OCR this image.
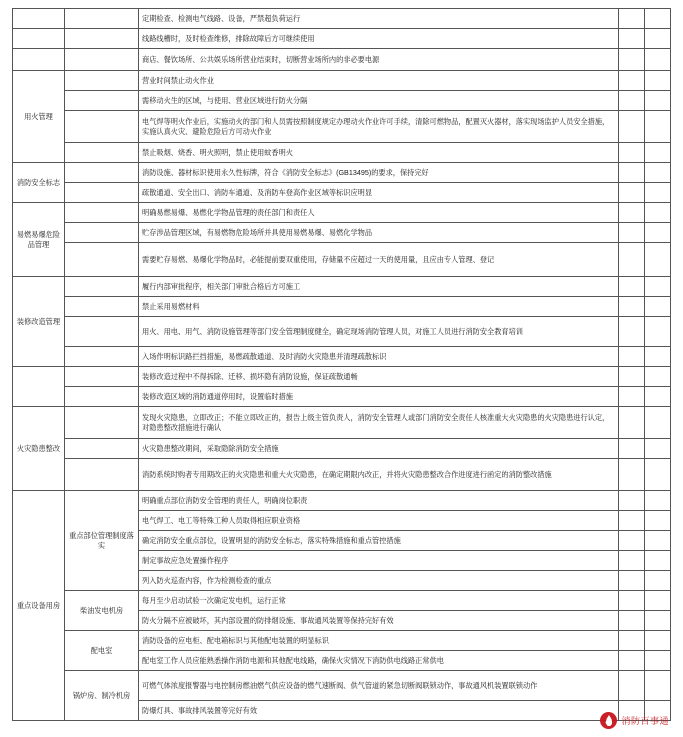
		定期检查、检测电气线路、设备，严禁超负荷运行		
		线路线槽时，及时检查维修，排除故障后方可继续使用		
		商店、餐饮场所、公共娱乐场所营业结束时，切断营业场所内的非必要电源		
用火管理		营业时间禁止动火作业		
		需移动火生的区域，与使用、营业区域进行防火分隔		
		电气焊等明火作业后，实施动火的部门和人员需按照制度规定办理动火作业许可手续，清除可燃物品，配置灭火器材，落实现场监护人员安全措施，实施认真火灾、避险危险后方可动火作业		
		禁止吸烟、烧香、明火照明，禁止使用蚊香明火		
消防安全标志		消防设施、器材标识使用永久性标牌，符合《消防安全标志》(GB13495)的要求，保持完好		
		疏散通道、安全出口、消防车通道、及消防车登高作业区域等标识应明显		
易燃易爆危险品管理		明确易燃易爆、易燃化学物品管理的责任部门和责任人		
		贮存涉品管理区域，有易燃物危险场所并具使用易燃易爆、易燃化学物品		
		需要贮存易燃、易爆化学物品时，必能提前要双重使用，存储量不应超过一天的使用量，且应由专人管理、登记		
装修改造管理		履行内部审批程序，相关部门审批合格后方可施工		
		禁止采用易燃材料		
		用火、用电、用气、消防设施管理等部门安全管理制度健全，确定现场消防管理人员，对施工人员进行消防安全教育培训		
		入场作明标识路拦挡措施，易燃疏散通道、及时消防火灾隐患并清理疏散标识		
		装修改造过程中不得拆除、迁移、损坏隐有消防设施，保证疏散通畅		
		装修改造区域的消防通道停用时，设置临时措施		
火灾隐患整改		发现火灾隐患，立即改正；不能立即改正的，报告上级主管负责人，消防安全管理人或部门消防安全责任人核准重大火灾隐患的火灾隐患进行认定，对隐患整改措施进行确认		
		火灾隐患整改期间，采取隐除消防安全措施		
		消防系统时购者专用期改正的火灾隐患和重大火灾隐患，在确定期限内改正，并将火灾隐患整改合作进度进行函定的消防整改措施		
重点设备用房	重点部位管理制度落实	明确重点部位消防安全管理的责任人，明确岗位职责		
		电气焊工、电工等特殊工种人员取得相应职业资格		
		确定消防安全重点部位，设置明显的消防安全标志，落实特殊措施和重点管控措施		
		制定事故应急处置操作程序		
		列入防火巡查内容，作为检测检查的重点		
	柴油发电机房	每月至少启动试验一次确定发电机，运行正常		
		防火分隔不应被破坏，其内部设置的防排烟设施、事故通风装置等保持完好有效		
	配电室	消防设备的应电柜、配电箱标识与其他配电装置的明显标识		
		配电室工作人员应能熟悉操作消防电源和其他配电线路，确保火灾情况下消防供电线路正常供电		
	锅炉房、制冷机房	可燃气体浓度报警器与电控制房燃油燃气供应设备的燃气速断阀、供气管道的紧急切断阀联锁动作，事故通风机装置联锁动作		
		防爆灯具、事故排风装置等完好有效		
消防百事通
